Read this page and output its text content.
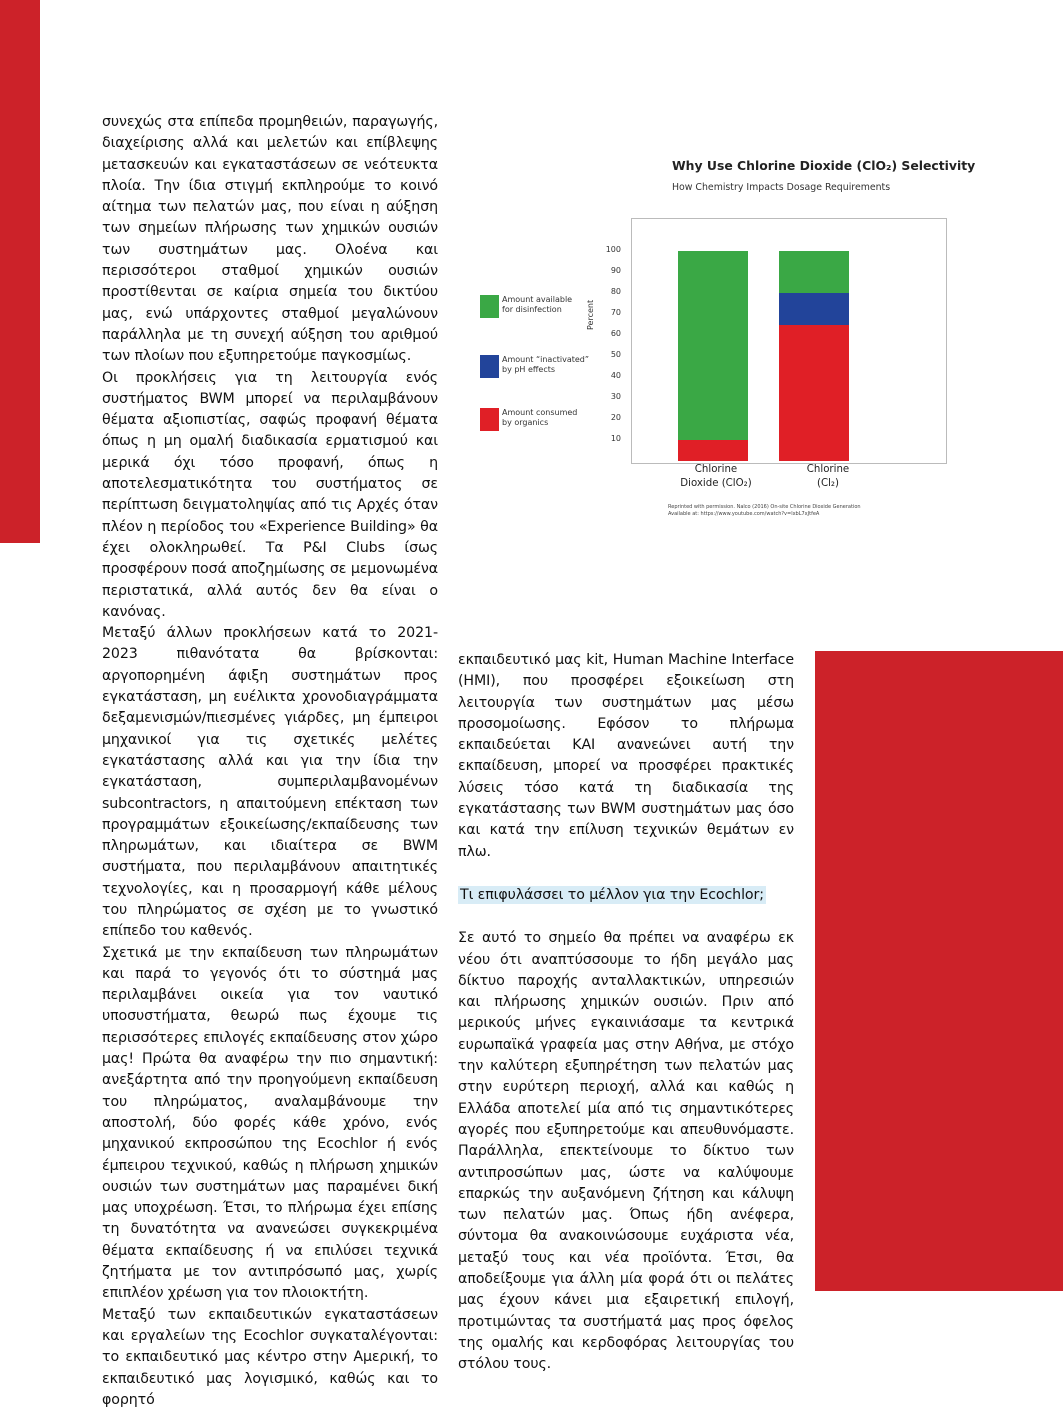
συνεχώς στα επίπεδα προμηθειών, παραγωγής, διαχείρισης αλλά και μελετών και επίβλεψης μετασκευών και εγκαταστάσεων σε νεότευκτα πλοία. Την ίδια στιγμή εκπληρούμε το κοινό αίτημα των πελατών μας, που είναι η αύξηση των σημείων πλήρωσης των χημικών ουσιών των συστημάτων μας. Ολοένα και περισσότεροι σταθμοί χημικών ουσιών προστίθενται σε καίρια σημεία του δικτύου μας, ενώ υπάρχοντες σταθμοί μεγαλώνουν παράλληλα με τη συνεχή αύξηση του αριθμού των πλοίων που εξυπηρετούμε παγκοσμίως.

Οι προκλήσεις για τη λειτουργία ενός συστήματος BWM μπορεί να περιλαμβάνουν θέματα αξιοπιστίας, σαφώς προφανή θέματα όπως η μη ομαλή διαδικασία ερματισμού και μερικά όχι τόσο προφανή, όπως η αποτελεσματικότητα του συστήματος σε περίπτωση δειγματοληψίας από τις Αρχές όταν πλέον η περίοδος του «Experience Building» θα έχει ολοκληρωθεί. Τα P&I Clubs ίσως προσφέρουν ποσά αποζημίωσης σε μεμονωμένα περιστατικά, αλλά αυτός δεν θα είναι ο κανόνας.

Μεταξύ άλλων προκλήσεων κατά το 2021-2023 πιθανότατα θα βρίσκονται: αργοπορημένη άφιξη συστημάτων προς εγκατάσταση, μη ευέλικτα χρονοδιαγράμματα δεξαμενισμών/πιεσμένες γιάρδες, μη έμπειροι μηχανικοί για τις σχετικές μελέτες εγκατάστασης αλλά και για την ίδια την εγκατάσταση, συμπεριλαμβανομένων subcontractors, η απαιτούμενη επέκταση των προγραμμάτων εξοικείωσης/εκπαίδευσης των πληρωμάτων, και ιδιαίτερα σε BWM συστήματα, που περιλαμβάνουν απαιτητικές τεχνολογίες, και η προσαρμογή κάθε μέλους του πληρώματος σε σχέση με το γνωστικό επίπεδο του καθενός.

Σχετικά με την εκπαίδευση των πληρωμάτων και παρά το γεγονός ότι το σύστημά μας περιλαμβάνει οικεία για τον ναυτικό υποσυστήματα, θεωρώ πως έχουμε τις περισσότερες επιλογές εκπαίδευσης στον χώρο μας! Πρώτα θα αναφέρω την πιο σημαντική: ανεξάρτητα από την προηγούμενη εκπαίδευση του πληρώματος, αναλαμβάνουμε την αποστολή, δύο φορές κάθε χρόνο, ενός μηχανικού εκπροσώπου της Ecochlor ή ενός έμπειρου τεχνικού, καθώς η πλήρωση χημικών ουσιών των συστημάτων μας παραμένει δική μας υποχρέωση. Έτσι, το πλήρωμα έχει επίσης τη δυνατότητα να ανανεώσει συγκεκριμένα θέματα εκπαίδευσης ή να επιλύσει τεχνικά ζητήματα με τον αντιπρόσωπό μας, χωρίς επιπλέον χρέωση για τον πλοιοκτήτη.

Μεταξύ των εκπαιδευτικών εγκαταστάσεων και εργαλείων της Ecochlor συγκαταλέγονται: το εκπαιδευτικό μας κέντρο στην Αμερική, το εκπαιδευτικό μας λογισμικό, καθώς και το φορητό

Why Use Chlorine Dioxide (ClO₂) Selectivity
How Chemistry Impacts Dosage Requirements
Amount available
for disinfection
Amount “inactivated”
by pH effects
Amount consumed
by organics
Percent
10
20
30
40
50
60
70
80
90
100
Chlorine
Dioxide (ClO₂)
Chlorine
(Cl₂)
Reprinted with permission. Nalco (2016) On-site Chlorine Dioxide Generation
Available at: https://www.youtube.com/watch?v=lxbL7xJtfeA

εκπαιδευτικό μας kit, Human Machine Interface (HMI), που προσφέρει εξοικείωση στη λειτουργία των συστημάτων μας μέσω προσομοίωσης. Εφόσον το πλήρωμα εκπαιδεύεται ΚΑΙ ανανεώνει αυτή την εκπαίδευση, μπορεί να προσφέρει πρακτικές λύσεις τόσο κατά τη διαδικασία της εγκατάστασης των BWM συστημάτων μας όσο και κατά την επίλυση τεχνικών θεμάτων εν πλω.

Τι επιφυλάσσει το μέλλον για την Ecochlor;

Σε αυτό το σημείο θα πρέπει να αναφέρω εκ νέου ότι αναπτύσσουμε το ήδη μεγάλο μας δίκτυο παροχής ανταλλακτικών, υπηρεσιών και πλήρωσης χημικών ουσιών. Πριν από μερικούς μήνες εγκαινιάσαμε τα κεντρικά ευρωπαϊκά γραφεία μας στην Αθήνα, με στόχο την καλύτερη εξυπηρέτηση των πελατών μας στην ευρύτερη περιοχή, αλλά και καθώς η Ελλάδα αποτελεί μία από τις σημαντικότερες αγορές που εξυπηρετούμε και απευθυνόμαστε. Παράλληλα, επεκτείνουμε το δίκτυο των αντιπροσώπων μας, ώστε να καλύψουμε επαρκώς την αυξανόμενη ζήτηση και κάλυψη των πελατών μας. Όπως ήδη ανέφερα, σύντομα θα ανακοινώσουμε ευχάριστα νέα, μεταξύ τους και νέα προϊόντα. Έτσι, θα αποδείξουμε για άλλη μία φορά ότι οι πελάτες μας έχουν κάνει μια εξαιρετική επιλογή, προτιμώντας τα συστήματά μας προς όφελος της ομαλής και κερδοφόρας λειτουργίας του στόλου τους.
